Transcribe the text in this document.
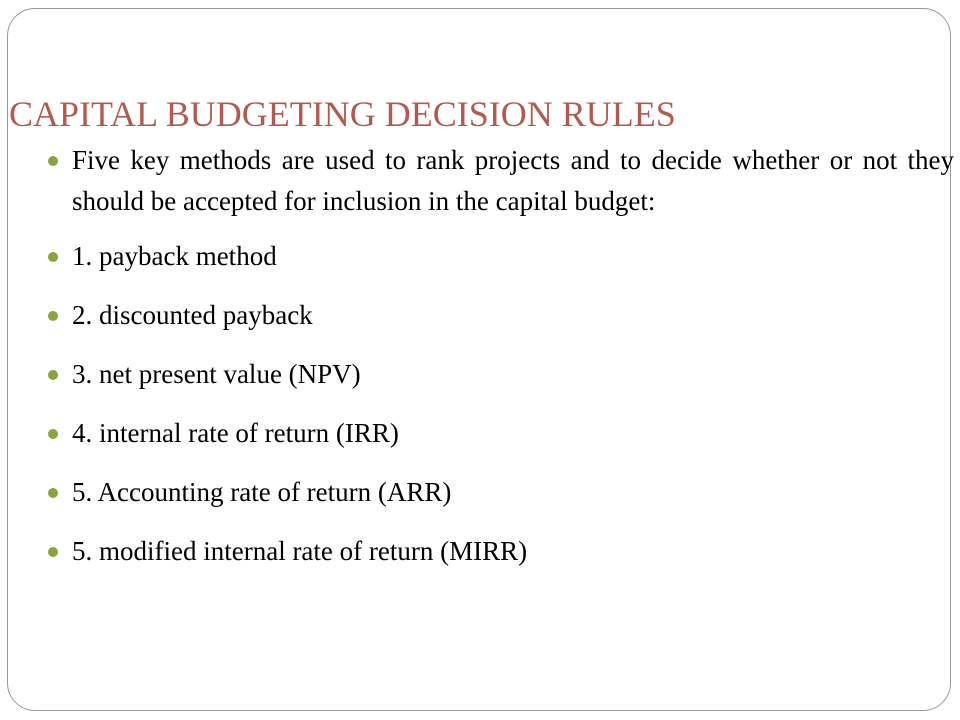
CAPITAL BUDGETING DECISION RULES
Five key methods are used to rank projects and to decide whether or not they should be accepted for inclusion in the capital budget:
1. payback method
2. discounted payback
3. net present value (NPV)
4. internal rate of return (IRR)
5. Accounting rate of return (ARR)
5. modified internal rate of return (MIRR)
